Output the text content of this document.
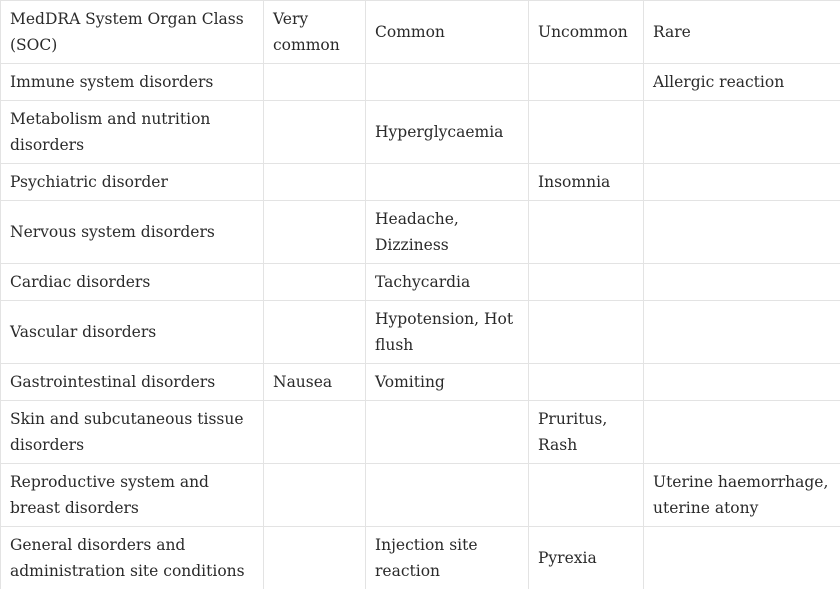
MedDRA System Organ Class (SOC)	Very common	Common	Uncommon	Rare
Immune system disorders				Allergic reaction
Metabolism and nutrition disorders		Hyperglycaemia		
Psychiatric disorder			Insomnia	
Nervous system disorders		Headache, Dizziness		
Cardiac disorders		Tachycardia		
Vascular disorders		Hypotension, Hot flush		
Gastrointestinal disorders	Nausea	Vomiting		
Skin and subcutaneous tissue disorders			Pruritus, Rash	
Reproductive system and breast disorders				Uterine haemorrhage, uterine atony
General disorders and administration site conditions		Injection site reaction	Pyrexia	
